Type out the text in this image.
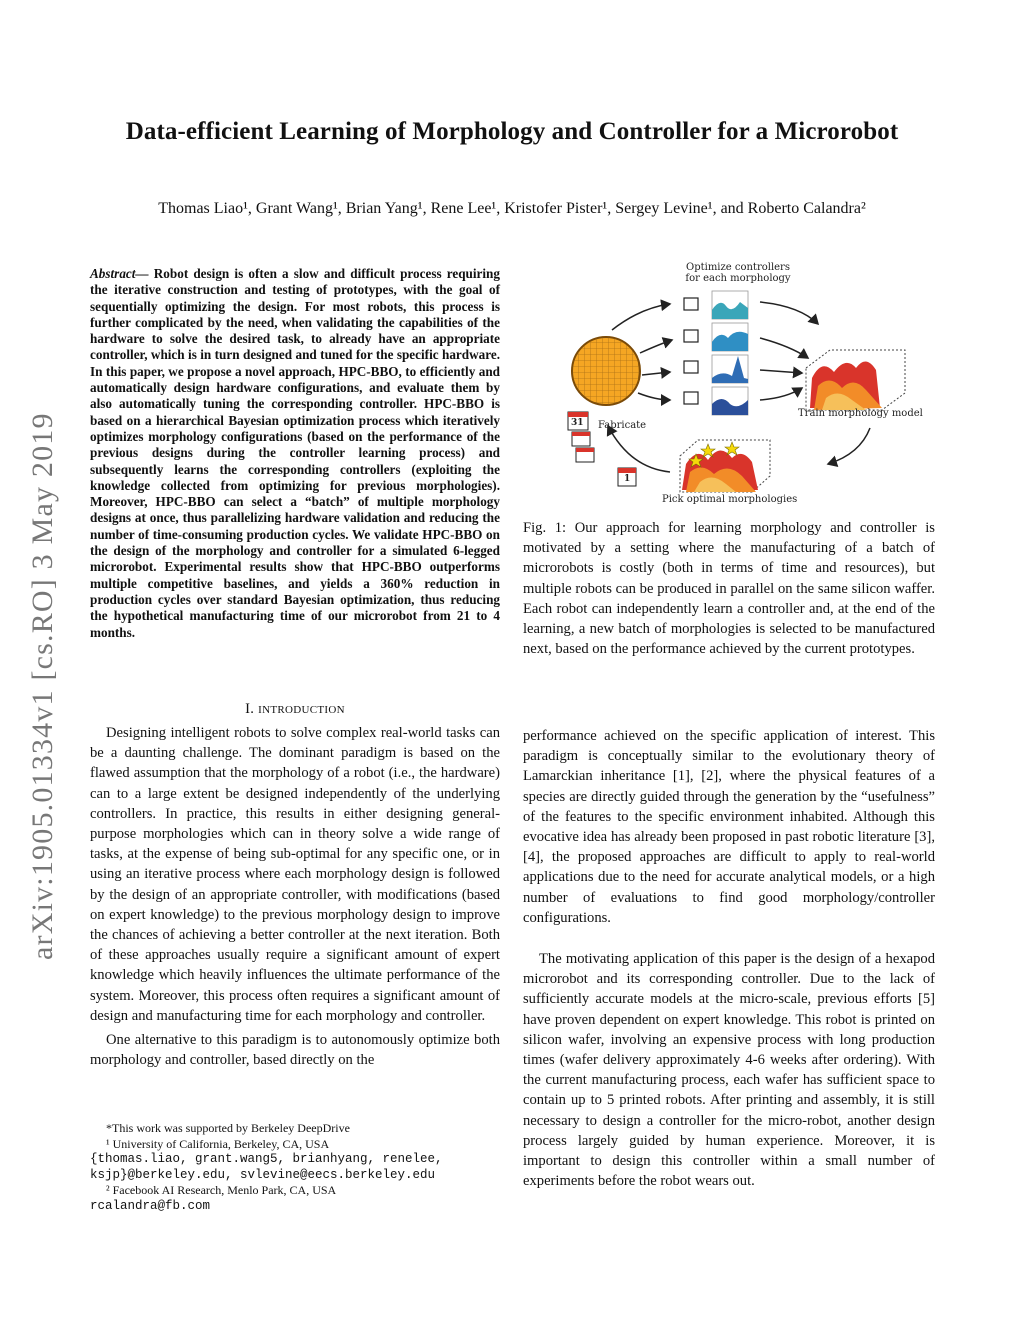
Data-efficient Learning of Morphology and Controller for a Microrobot
Thomas Liao¹, Grant Wang¹, Brian Yang¹, Rene Lee¹, Kristofer Pister¹, Sergey Levine¹, and Roberto Calandra²
arXiv:1905.01334v1 [cs.RO] 3 May 2019

Abstract— Robot design is often a slow and difficult process requiring the iterative construction and testing of prototypes, with the goal of sequentially optimizing the design. For most robots, this process is further complicated by the need, when validating the capabilities of the hardware to solve the desired task, to already have an appropriate controller, which is in turn designed and tuned for the specific hardware. In this paper, we propose a novel approach, HPC-BBO, to efficiently and automatically design hardware configurations, and evaluate them by also automatically tuning the corresponding controller. HPC-BBO is based on a hierarchical Bayesian optimization process which iteratively optimizes morphology configurations (based on the performance of the previous designs during the controller learning process) and subsequently learns the corresponding controllers (exploiting the knowledge collected from optimizing for previous morphologies). Moreover, HPC-BBO can select a “batch” of multiple morphology designs at once, thus parallelizing hardware validation and reducing the number of time-consuming production cycles. We validate HPC-BBO on the design of the morphology and controller for a simulated 6-legged microrobot. Experimental results show that HPC-BBO outperforms multiple competitive baselines, and yields a 360% reduction in production cycles over standard Bayesian optimization, thus reducing the hypothetical manufacturing time of our microrobot from 21 to 4 months.

I. INTRODUCTION

Designing intelligent robots to solve complex real-world tasks can be a daunting challenge. The dominant paradigm is based on the flawed assumption that the morphology of a robot (i.e., the hardware) can to a large extent be designed independently of the underlying controllers. In practice, this results in either designing general-purpose morphologies which can in theory solve a wide range of tasks, at the expense of being sub-optimal for any specific one, or in using an iterative process where each morphology design is followed by the design of an appropriate controller, with modifications (based on expert knowledge) to the previous morphology design to improve the chances of achieving a better controller at the next iteration. Both of these approaches usually require a significant amount of expert knowledge which heavily influences the ultimate performance of the system. Moreover, this process often requires a significant amount of design and manufacturing time for each morphology and controller.

One alternative to this paradigm is to autonomously optimize both morphology and controller, based directly on the

*This work was supported by Berkeley DeepDrive
¹ University of California, Berkeley, CA, USA
{thomas.liao, grant.wang5, brianhyang, renelee, ksjp}@berkeley.edu, svlevine@eecs.berkeley.edu
² Facebook AI Research, Menlo Park, CA, USA
rcalandra@fb.com
Optimize controllers
for each morphology
Train morphology model
Fabricate
Pick optimal morphologies
31
1
Fig. 1: Our approach for learning morphology and controller is motivated by a setting where the manufacturing of a batch of microrobots is costly (both in terms of time and resources), but multiple robots can be produced in parallel on the same silicon waffer. Each robot can independently learn a controller and, at the end of the learning, a new batch of morphologies is selected to be manufactured next, based on the performance achieved by the current prototypes.
performance achieved on the specific application of interest. This paradigm is conceptually similar to the evolutionary theory of Lamarckian inheritance [1], [2], where the physical features of a species are directly guided through the generation by the “usefulness” of the features to the specific environment inhabited. Although this evocative idea has already been proposed in past robotic literature [3], [4], the proposed approaches are difficult to apply to real-world applications due to the need for accurate analytical models, or a high number of evaluations to find good morphology/controller configurations.
The motivating application of this paper is the design of a hexapod microrobot and its corresponding controller. Due to the lack of sufficiently accurate models at the micro-scale, previous efforts [5] have proven dependent on expert knowledge. This robot is printed on silicon wafer, involving an expensive process with long production times (wafer delivery approximately 4-6 weeks after ordering). With the current manufacturing process, each wafer has sufficient space to contain up to 5 printed robots. After printing and assembly, it is still necessary to design a controller for the micro-robot, another design process largely guided by human experience. Moreover, it is important to design this controller within a small number of experiments before the robot wears out.
